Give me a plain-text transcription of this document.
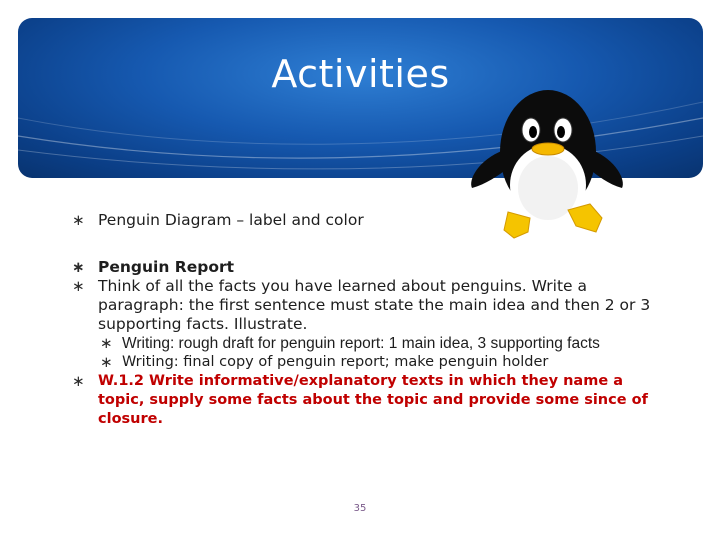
Activities
∗ Penguin Diagram – label and color
∗ Penguin Report
∗ Think of all the facts you have learned about penguins. Write a paragraph: the first sentence must state the main idea and then 2 or 3 supporting facts. Illustrate.
∗ Writing: rough draft for penguin report: 1 main idea, 3 supporting facts
∗ Writing: final copy of penguin report; make penguin holder
∗ W.1.2 Write informative/explanatory texts in which they name a topic, supply some facts about the topic and provide some since of closure.
35
